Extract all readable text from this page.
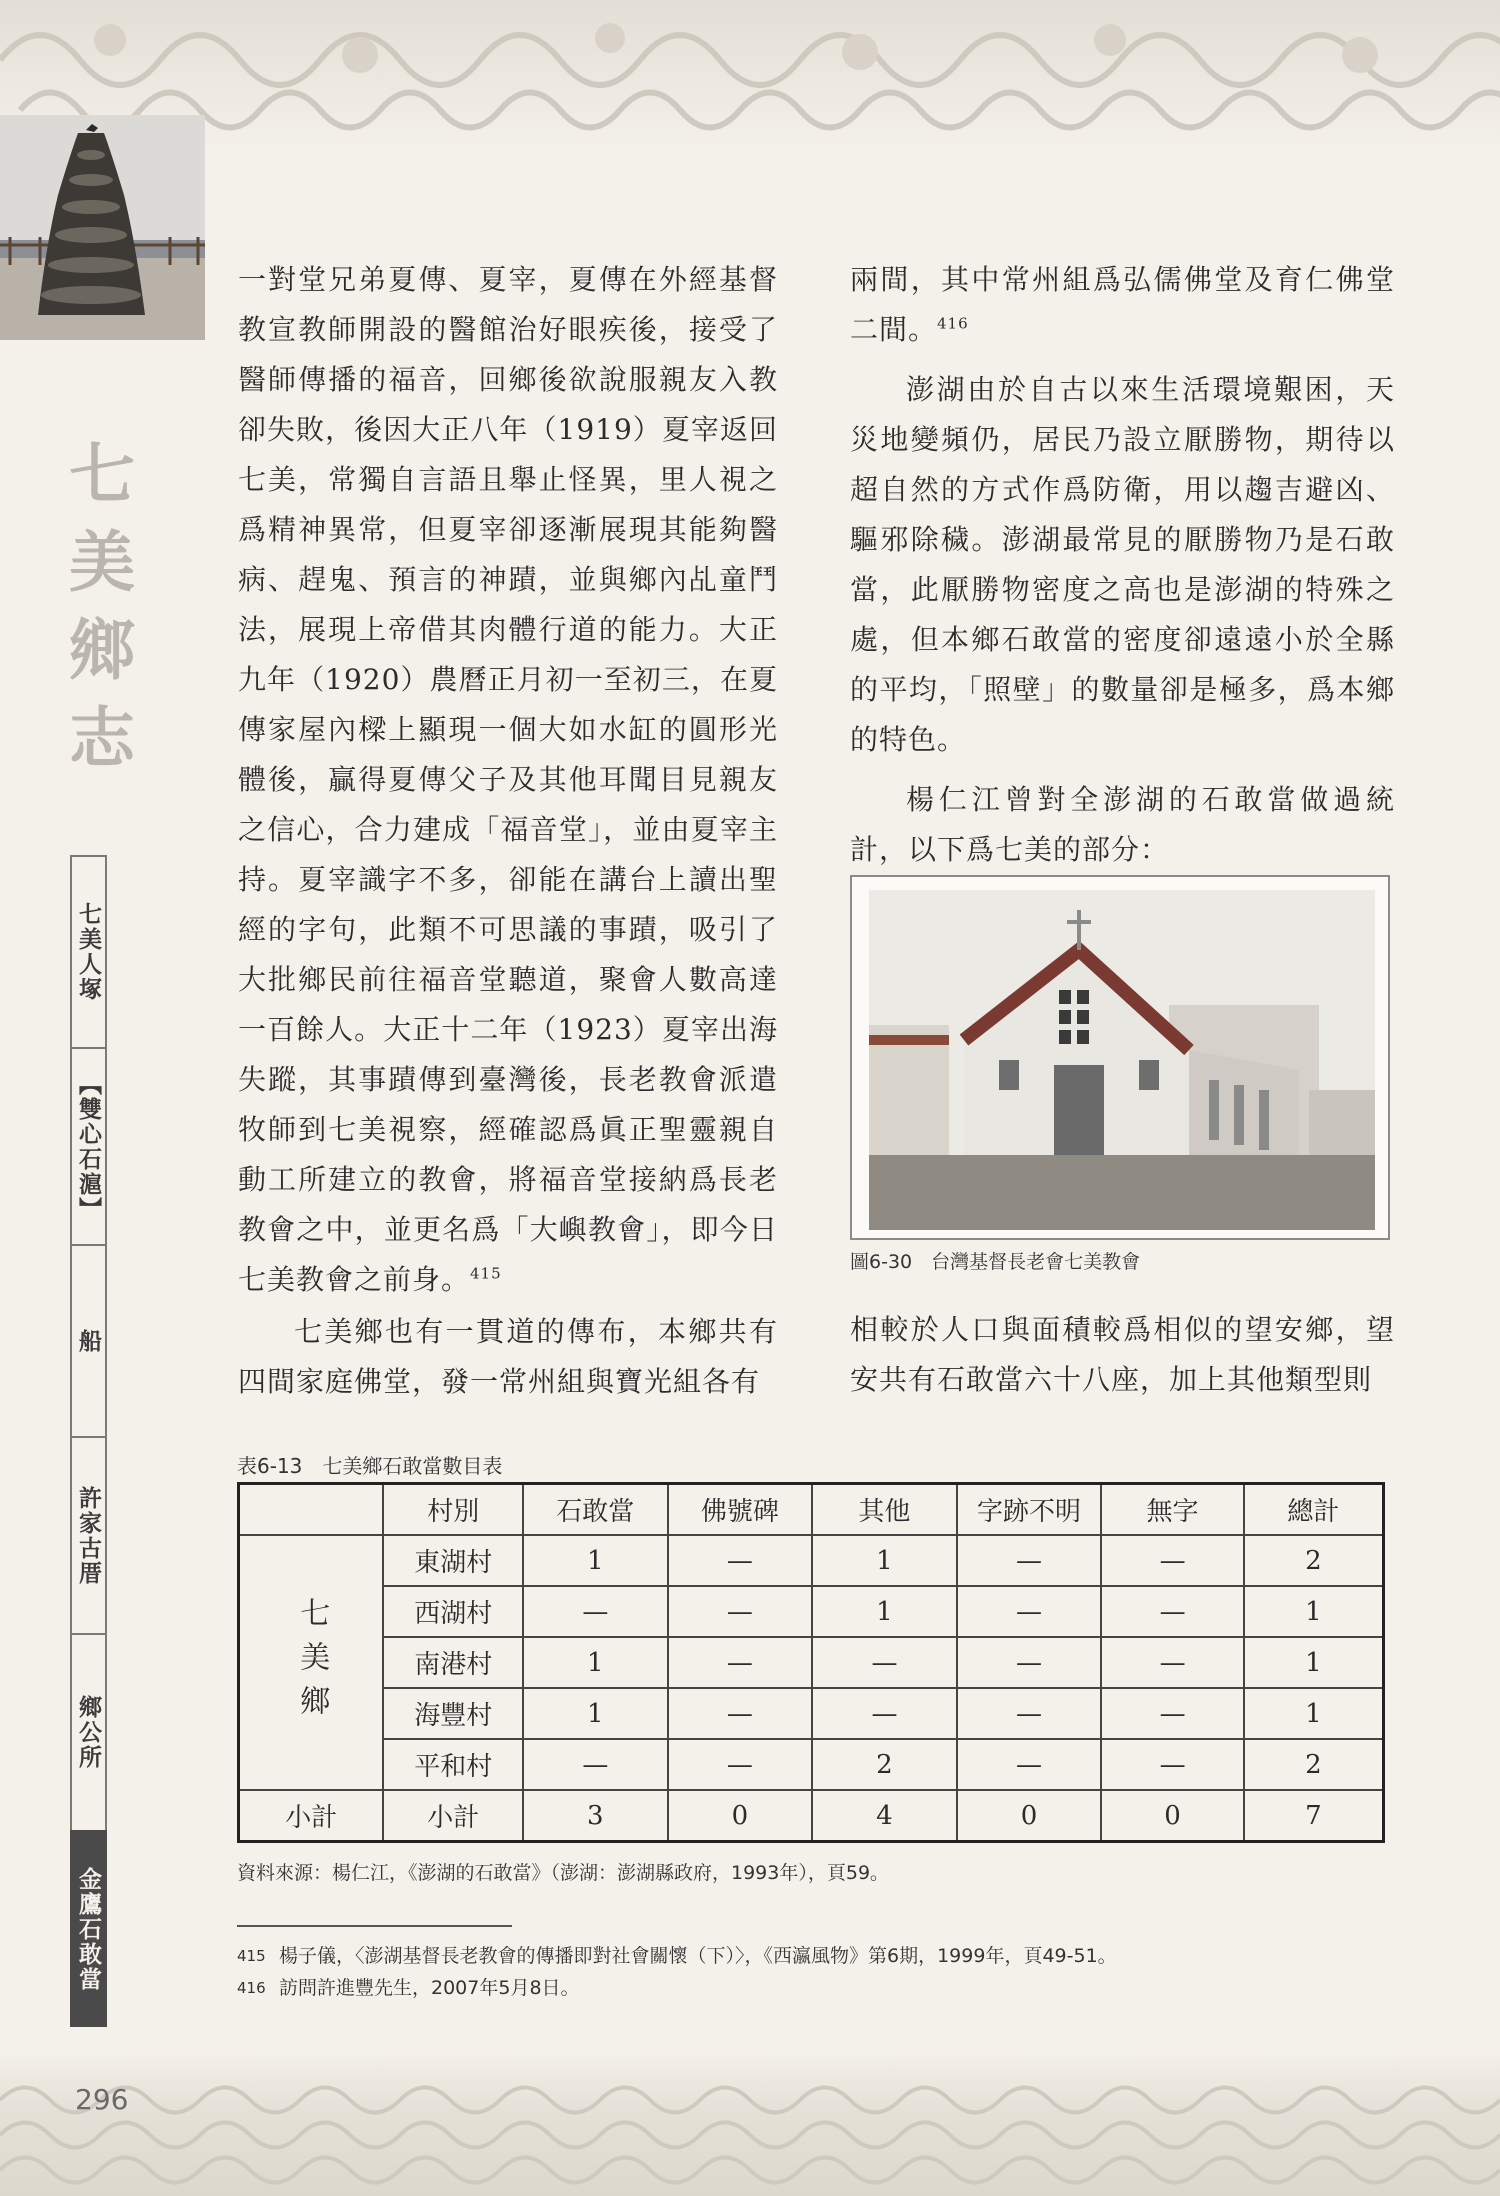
七
美
鄉
志
七美人塚
【雙心石滬】
船
許家古厝
鄉公所
金鷹石敢當

一對堂兄弟夏傳、夏宰，夏傳在外經基督教宣教師開設的醫館治好眼疾後，接受了醫師傳播的福音，回鄉後欲說服親友入教卻失敗，後因大正八年（1919）夏宰返回七美，常獨自言語且舉止怪異，里人視之爲精神異常，但夏宰卻逐漸展現其能夠醫病、趕鬼、預言的神蹟，並與鄉內乩童鬥法，展現上帝借其肉體行道的能力。大正九年（1920）農曆正月初一至初三，在夏傳家屋內樑上顯現一個大如水缸的圓形光體後，贏得夏傳父子及其他耳聞目見親友之信心，合力建成「福音堂」，並由夏宰主持。夏宰識字不多，卻能在講台上讀出聖經的字句，此類不可思議的事蹟，吸引了大批鄉民前往福音堂聽道，聚會人數高達一百餘人。大正十二年（1923）夏宰出海失蹤，其事蹟傳到臺灣後，長老教會派遣牧師到七美視察，經確認爲眞正聖靈親自動工所建立的教會，將福音堂接納爲長老教會之中，並更名爲「大嶼教會」，即今日七美教會之前身。$^{415}$

七美鄉也有一貫道的傳布，本鄉共有四間家庭佛堂，發一常州組與寶光組各有

兩間，其中常州組爲弘儒佛堂及育仁佛堂二間。$^{416}$

澎湖由於自古以來生活環境艱困，天災地變頻仍，居民乃設立厭勝物，期待以超自然的方式作爲防衛，用以趨吉避凶、驅邪除穢。澎湖最常見的厭勝物乃是石敢當，此厭勝物密度之高也是澎湖的特殊之處，但本鄉石敢當的密度卻遠遠小於全縣的平均，「照壁」的數量卻是極多，爲本鄉的特色。

楊仁江曾對全澎湖的石敢當做過統計，以下爲七美的部分：

圖6-30　台灣基督長老會七美教會

相較於人口與面積較爲相似的望安鄉，望安共有石敢當六十八座，加上其他類型則

表6-13　七美鄉石敢當數目表
	村別	石敢當	佛號碑	其他	字跡不明	無字	總計
七美鄉	東湖村	1	—	1	—	—	2
	西湖村	—	—	1	—	—	1
	南港村	1	—	—	—	—	1
	海豐村	1	—	—	—	—	1
	平和村	—	—	2	—	—	2
小計	小計	3	0	4	0	0	7
資料來源：楊仁江，《澎湖的石敢當》（澎湖：澎湖縣政府，1993年），頁59。
415 楊子儀，〈澎湖基督長老教會的傳播即對社會關懷（下）〉，《西瀛風物》第6期，1999年，頁49-51。
416 訪問許進豐先生，2007年5月8日。
296
